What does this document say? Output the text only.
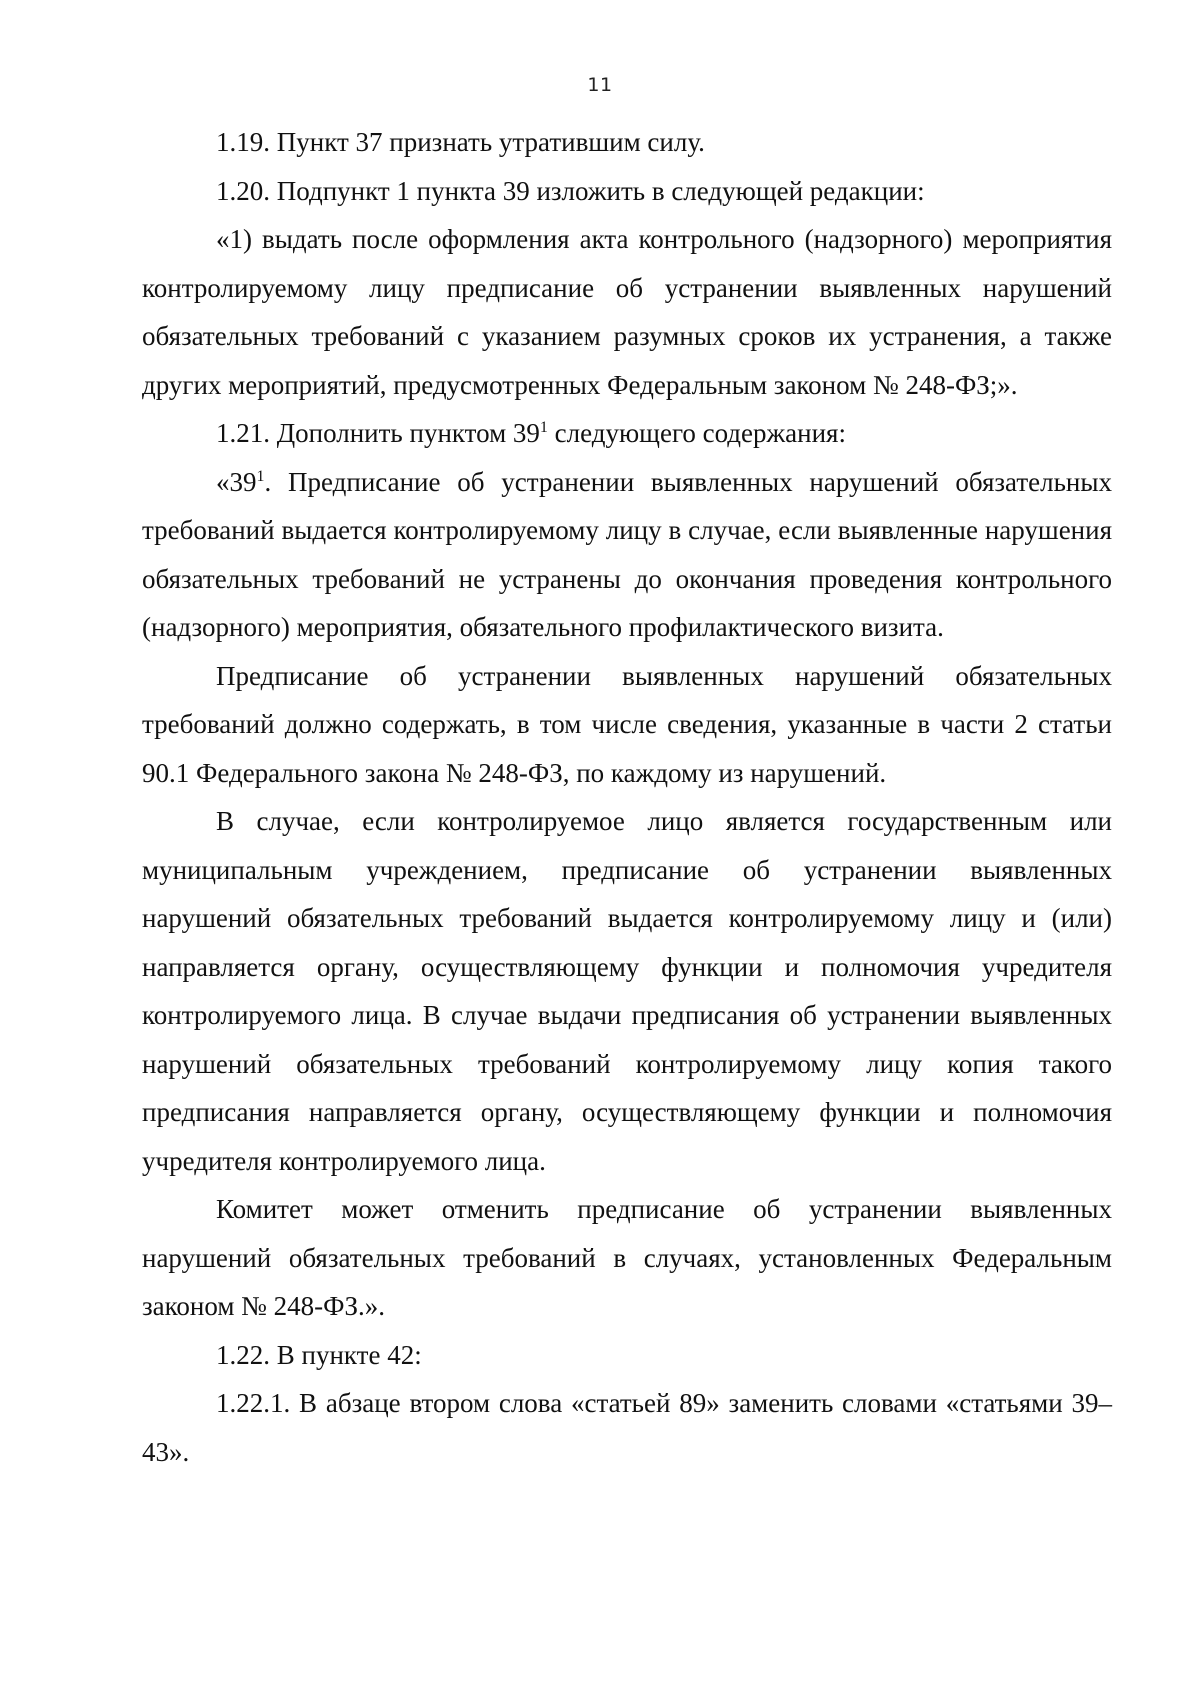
11

1.19. Пункт 37 признать утратившим силу.

1.20. Подпункт 1 пункта 39 изложить в следующей редакции:

«1) выдать после оформления акта контрольного (надзорного) мероприятия контролируемому лицу предписание об устранении выявленных нарушений обязательных требований с указанием разумных сроков их устранения, а также других мероприятий, предусмотренных Федеральным законом № 248-ФЗ;».

1.21. Дополнить пунктом $39^1$ следующего содержания:

«$39^1$. Предписание об устранении выявленных нарушений обязательных требований выдается контролируемому лицу в случае, если выявленные нарушения обязательных требований не устранены до окончания проведения контрольного (надзорного) мероприятия, обязательного профилактического визита.

Предписание об устранении выявленных нарушений обязательных требований должно содержать, в том числе сведения, указанные в части 2 статьи 90.1 Федерального закона № 248-ФЗ, по каждому из нарушений.

В случае, если контролируемое лицо является государственным или муниципальным учреждением, предписание об устранении выявленных нарушений обязательных требований выдается контролируемому лицу и (или) направляется органу, осуществляющему функции и полномочия учредителя контролируемого лица. В случае выдачи предписания об устранении выявленных нарушений обязательных требований контролируемому лицу копия такого предписания направляется органу, осуществляющему функции и полномочия учредителя контролируемого лица.

Комитет может отменить предписание об устранении выявленных нарушений обязательных требований в случаях, установленных Федеральным законом № 248-ФЗ.».

1.22. В пункте 42:

1.22.1. В абзаце втором слова «статьей 89» заменить словами «статьями 39–43».
